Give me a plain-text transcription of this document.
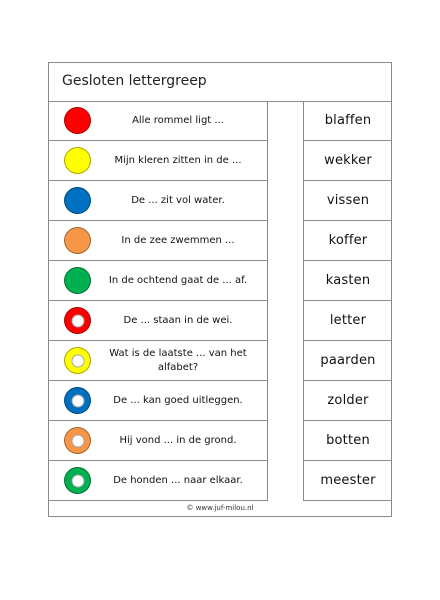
Gesloten lettergreep
Alle rommel ligt ...
Mijn kleren zitten in de ...
De ... zit vol water.
In de zee zwemmen ...
In de ochtend gaat de ... af.
De ... staan in de wei.
Wat is de laatste ... van het alfabet?
De ... kan goed uitleggen.
Hij vond ... in de grond.
De honden ... naar elkaar.
blaffen
wekker
vissen
koffer
kasten
letter
paarden
zolder
botten
meester
© www.juf-milou.nl
